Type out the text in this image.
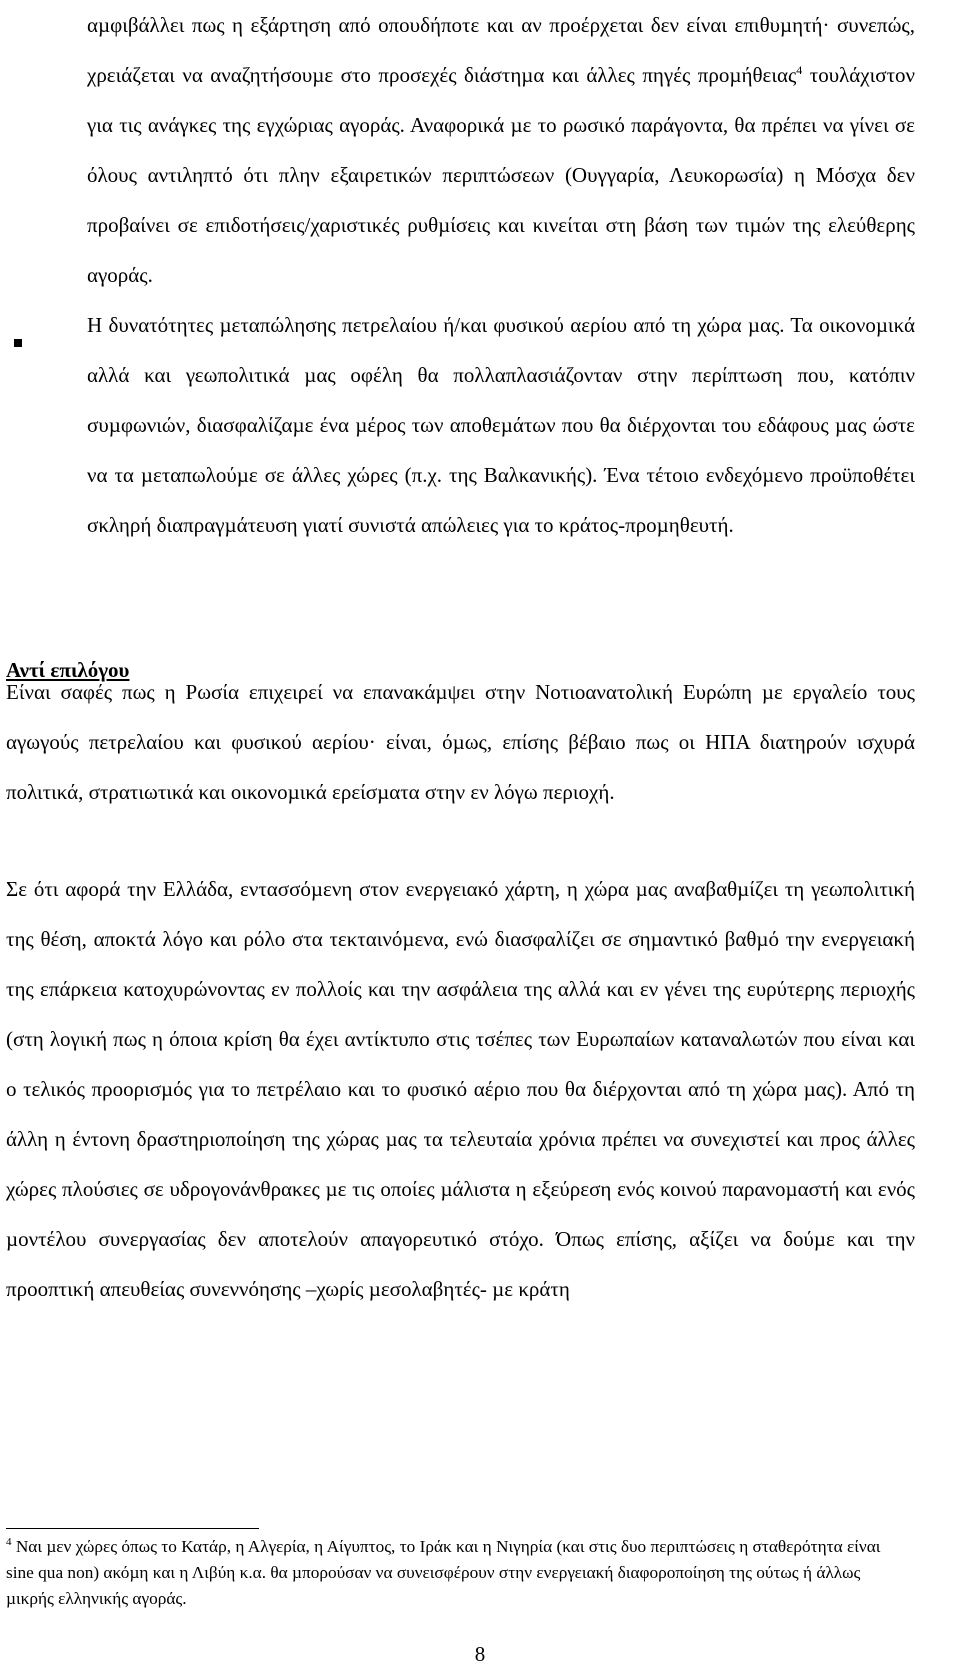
αµφιβάλλει πως η εξάρτηση από οπουδήποτε και αν προέρχεται δεν είναι επιθυµητή· συνεπώς, χρειάζεται να αναζητήσουµε στο προσεχές διάστηµα και άλλες πηγές προµήθειας$^4$ τουλάχιστον για τις ανάγκες της εγχώριας αγοράς. Αναφορικά µε το ρωσικό παράγοντα, θα πρέπει να γίνει σε όλους αντιληπτό ότι πλην εξαιρετικών περιπτώσεων (Ουγγαρία, Λευκορωσία) η Μόσχα δεν προβαίνει σε επιδοτήσεις/χαριστικές ρυθµίσεις και κινείται στη βάση των τιµών της ελεύθερης αγοράς.

Η δυνατότητες µεταπώλησης πετρελαίου ή/και φυσικού αερίου από τη χώρα µας. Τα οικονοµικά αλλά και γεωπολιτικά µας οφέλη θα πολλαπλασιάζονταν στην περίπτωση που, κατόπιν συµφωνιών, διασφαλίζαµε ένα µέρος των αποθεµάτων που θα διέρχονται του εδάφους µας ώστε να τα µεταπωλούµε σε άλλες χώρες (π.χ. της Βαλκανικής). Ένα τέτοιο ενδεχόµενο προϋποθέτει σκληρή διαπραγµάτευση γιατί συνιστά απώλειες για το κράτος-προµηθευτή.

Αντί επιλόγου

Είναι σαφές πως η Ρωσία επιχειρεί να επανακάµψει στην Νοτιοανατολική Ευρώπη µε εργαλείο τους αγωγούς πετρελαίου και φυσικού αερίου· είναι, όµως, επίσης βέβαιο πως οι ΗΠΑ διατηρούν ισχυρά πολιτικά, στρατιωτικά και οικονοµικά ερείσµατα στην εν λόγω περιοχή.

Σε ότι αφορά την Ελλάδα, εντασσόµενη στον ενεργειακό χάρτη, η χώρα µας αναβαθµίζει τη γεωπολιτική της θέση, αποκτά λόγο και ρόλο στα τεκταινόµενα, ενώ διασφαλίζει σε σηµαντικό βαθµό την ενεργειακή της επάρκεια κατοχυρώνοντας εν πολλοίς και την ασφάλεια της αλλά και εν γένει της ευρύτερης περιοχής (στη λογική πως η όποια κρίση θα έχει αντίκτυπο στις τσέπες των Ευρωπαίων καταναλωτών που είναι και ο τελικός προορισµός για το πετρέλαιο και το φυσικό αέριο που θα διέρχονται από τη χώρα µας). Από τη άλλη η έντονη δραστηριοποίηση της χώρας µας τα τελευταία χρόνια πρέπει να συνεχιστεί και προς άλλες χώρες πλούσιες σε υδρογονάνθρακες µε τις οποίες µάλιστα η εξεύρεση ενός κοινού παρανοµαστή και ενός µοντέλου συνεργασίας δεν αποτελούν απαγορευτικό στόχο. Όπως επίσης, αξίζει να δούµε και την προοπτική απευθείας συνεννόησης –χωρίς µεσολαβητές- µε κράτη

$^4$ Ναι µεν χώρες όπως το Κατάρ, η Αλγερία, η Αίγυπτος, το Ιράκ και η Νιγηρία (και στις δυο περιπτώσεις η σταθερότητα είναι sine qua non) ακόµη και η Λιβύη κ.α. θα µπορούσαν να συνεισφέρουν στην ενεργειακή διαφοροποίηση της ούτως ή άλλως µικρής ελληνικής αγοράς.

8
